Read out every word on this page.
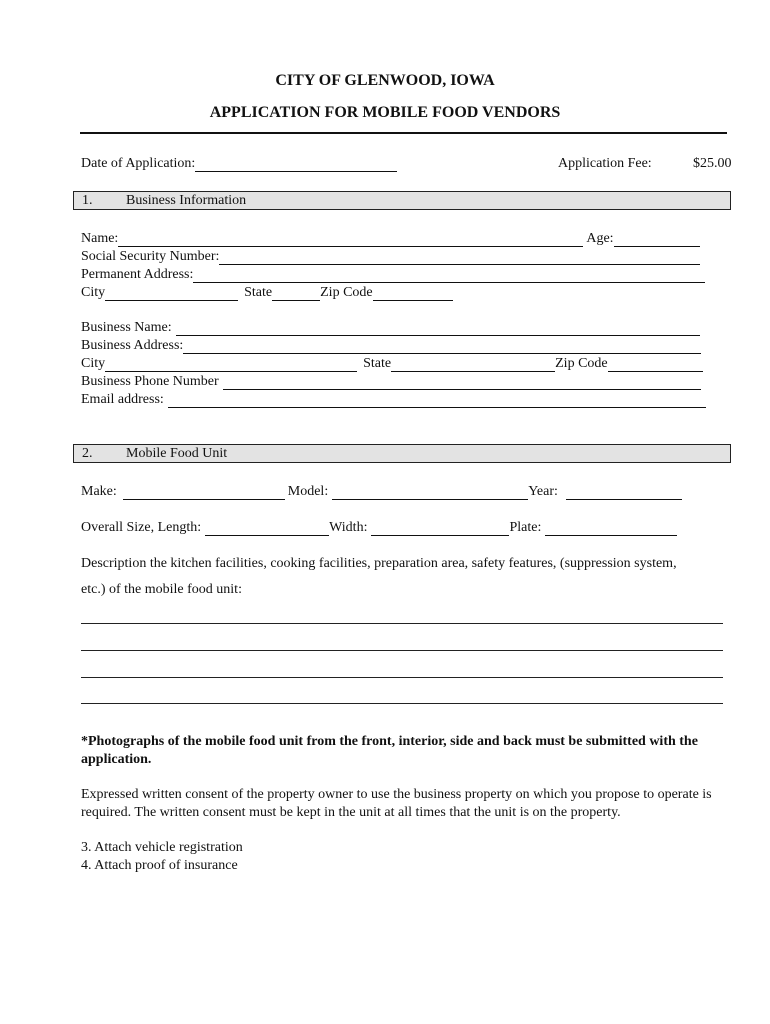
CITY OF GLENWOOD, IOWA
APPLICATION FOR MOBILE FOOD VENDORS
Date of Application:	Application Fee:	$25.00
1. Business Information
Name:	Age:
Social Security Number:
Permanent Address:
City	State	Zip Code
Business Name:
Business Address:
City	State	Zip Code
Business Phone Number
Email address:
2. Mobile Food Unit
Make:	Model:	Year:
Overall Size, Length:	Width:	Plate:
Description the kitchen facilities, cooking facilities, preparation area, safety features, (suppression system,
etc.) of the mobile food unit:
*Photographs of the mobile food unit from the front, interior, side and back must be submitted with the application.
Expressed written consent of the property owner to use the business property on which you propose to operate is required. The written consent must be kept in the unit at all times that the unit is on the property.
3. Attach vehicle registration
4. Attach proof of insurance
